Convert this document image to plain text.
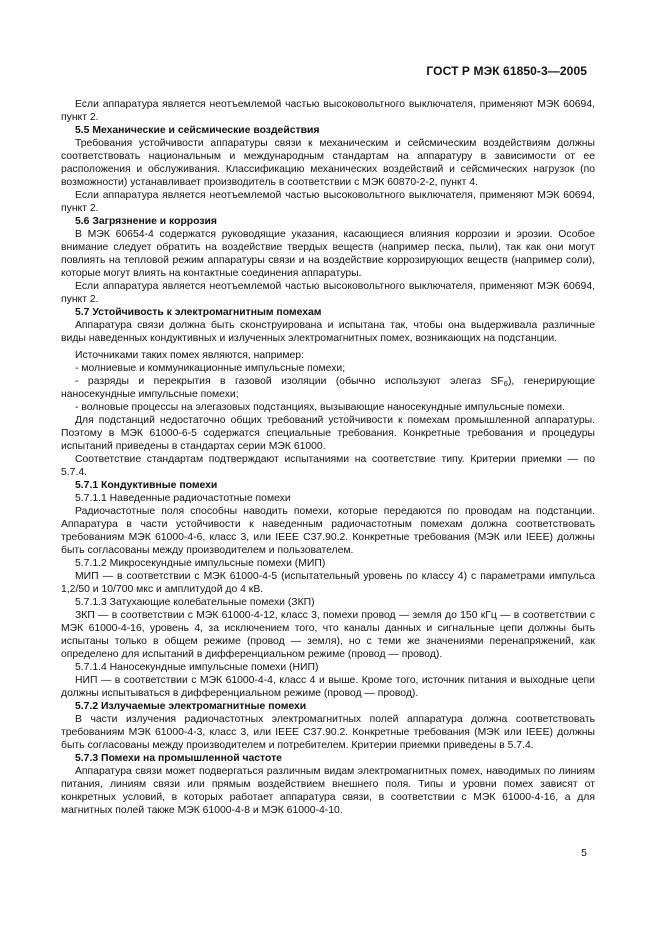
ГОСТ Р МЭК 61850-3—2005

Если аппаратура является неотъемлемой частью высоковольтного выключателя, применяют МЭК 60694, пункт 2.

5.5 Механические и сейсмические воздействия

Требования устойчивости аппаратуры связи к механическим и сейсмическим воздействиям должны соответствовать национальным и международным стандартам на аппаратуру в зависимости от ее расположения и обслуживания. Классификацию механических воздействий и сейсмических нагрузок (по возможности) устанавливает производитель в соответствии с МЭК 60870-2-2, пункт 4.

Если аппаратура является неотъемлемой частью высоковольтного выключателя, применяют МЭК 60694, пункт 2.

5.6 Загрязнение и коррозия

В МЭК 60654-4 содержатся руководящие указания, касающиеся влияния коррозии и эрозии. Особое внимание следует обратить на воздействие твердых веществ (например песка, пыли), так как они могут повлиять на тепловой режим аппаратуры связи и на воздействие коррозирующих веществ (например соли), которые могут влиять на контактные соединения аппаратуры.

Если аппаратура является неотъемлемой частью высоковольтного выключателя, применяют МЭК 60694, пункт 2.

5.7 Устойчивость к электромагнитным помехам

Аппаратура связи должна быть сконструирована и испытана так, чтобы она выдерживала различные виды наведенных кондуктивных и излученных электромагнитных помех, возникающих на подстанции.

Источниками таких помех являются, например:

- молниевые и коммуникационные импульсные помехи;

- разряды и перекрытия в газовой изоляции (обычно используют элегаз $SF_6$), генерирующие наносекундные импульсные помехи;

- волновые процессы на элегазовых подстанциях, вызывающие наносекундные импульсные помехи.

Для подстанций недостаточно общих требований устойчивости к помехам промышленной аппаратуры. Поэтому в МЭК 61000-6-5 содержатся специальные требования. Конкретные требования и процедуры испытаний приведены в стандартах серии МЭК 61000.

Соответствие стандартам подтверждают испытаниями на соответствие типу. Критерии приемки — по 5.7.4.

5.7.1 Кондуктивные помехи

5.7.1.1 Наведенные радиочастотные помехи

Радиочастотные поля способны наводить помехи, которые передаются по проводам на подстанции. Аппаратура в части устойчивости к наведенным радиочастотным помехам должна соответствовать требованиям МЭК 61000-4-6, класс 3, или IEEE C37.90.2. Конкретные требования (МЭК или IEEE) должны быть согласованы между производителем и пользователем.

5.7.1.2 Микросекундные импульсные помехи (МИП)

МИП — в соответствии с МЭК 61000-4-5 (испытательный уровень по классу 4) с параметрами импульса 1,2/50 и 10/700 мкс и амплитудой до 4 кВ.

5.7.1.3 Затухающие колебательные помехи (ЗКП)

ЗКП — в соответствии с МЭК 61000-4-12, класс 3, помехи провод — земля до 150 кГц — в соответствии с МЭК 61000-4-16, уровень 4, за исключением того, что каналы данных и сигнальные цепи должны быть испытаны только в общем режиме (провод — земля), но с теми же значениями перенапряжений, как определено для испытаний в дифференциальном режиме (провод — провод).

5.7.1.4 Наносекундные импульсные помехи (НИП)

НИП — в соответствии с МЭК 61000-4-4, класс 4 и выше. Кроме того, источник питания и выходные цепи должны испытываться в дифференциальном режиме (провод — провод).

5.7.2 Излучаемые электромагнитные помехи

В части излучения радиочастотных электромагнитных полей аппаратура должна соответствовать требованиям МЭК 61000-4-3, класс 3, или IEEE C37.90.2. Конкретные требования (МЭК или IEEE) должны быть согласованы между производителем и потребителем. Критерии приемки приведены в 5.7.4.

5.7.3 Помехи на промышленной частоте

Аппаратура связи может подвергаться различным видам электромагнитных помех, наводимых по линиям питания, линиям связи или прямым воздействием внешнего поля. Типы и уровни помех зависят от конкретных условий, в которых работает аппаратура связи, в соответствии с МЭК 61000-4-16, а для магнитных полей также МЭК 61000-4-8 и МЭК 61000-4-10.

5
